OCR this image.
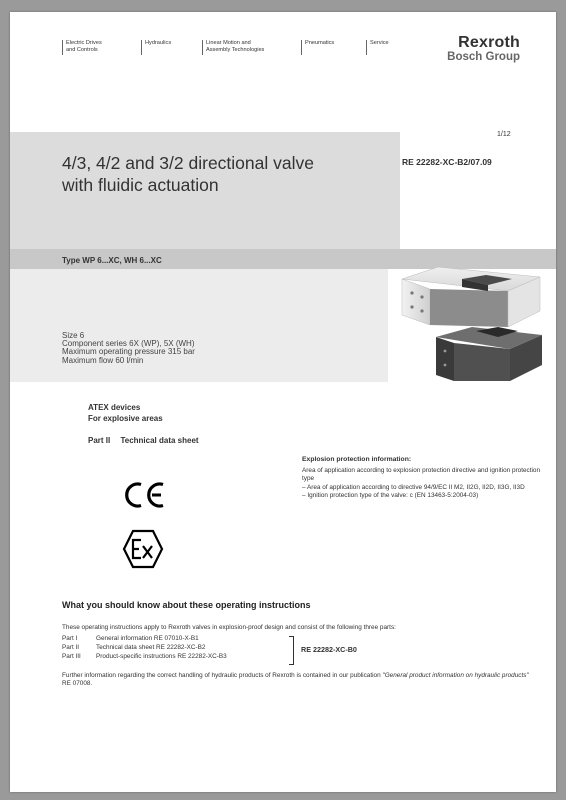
Electric Drives
and Controls
Hydraulics	Linear Motion and
Assembly Technologies
Pneumatics	Service	Rexroth
Bosch Group
1/12
4/3, 4/2 and 3/2 directional valve
with fluidic actuation
RE 22282-XC-B2/07.09
Type WP 6...XC, WH 6...XC
Size 6
Component series 6X (WP), 5X (WH)
Maximum operating pressure 315 bar
Maximum flow 60 l/min
ATEX devices
For explosive areas
Part II Technical data sheet
Explosion protection information:
Area of application according to explosion protection directive and ignition protection type
– Area of application according to directive 94/9/EC II M2, II2G, II2D, II3G, II3D
– Ignition protection type of the valve: c (EN 13463-5:2004-03)
What you should know about these operating instructions
These operating instructions apply to Rexroth valves in explosion-proof design and consist of the following three parts:
Part I	General information RE 07010-X-B1
Part II	Technical data sheet RE 22282-XC-B2
Part III Product-specific instructions RE 22282-XC-B3
RE 22282-XC-B0
Further information regarding the correct handling of hydraulic products of Rexroth is contained in our publication "General product information on hydraulic products" RE 07008.
